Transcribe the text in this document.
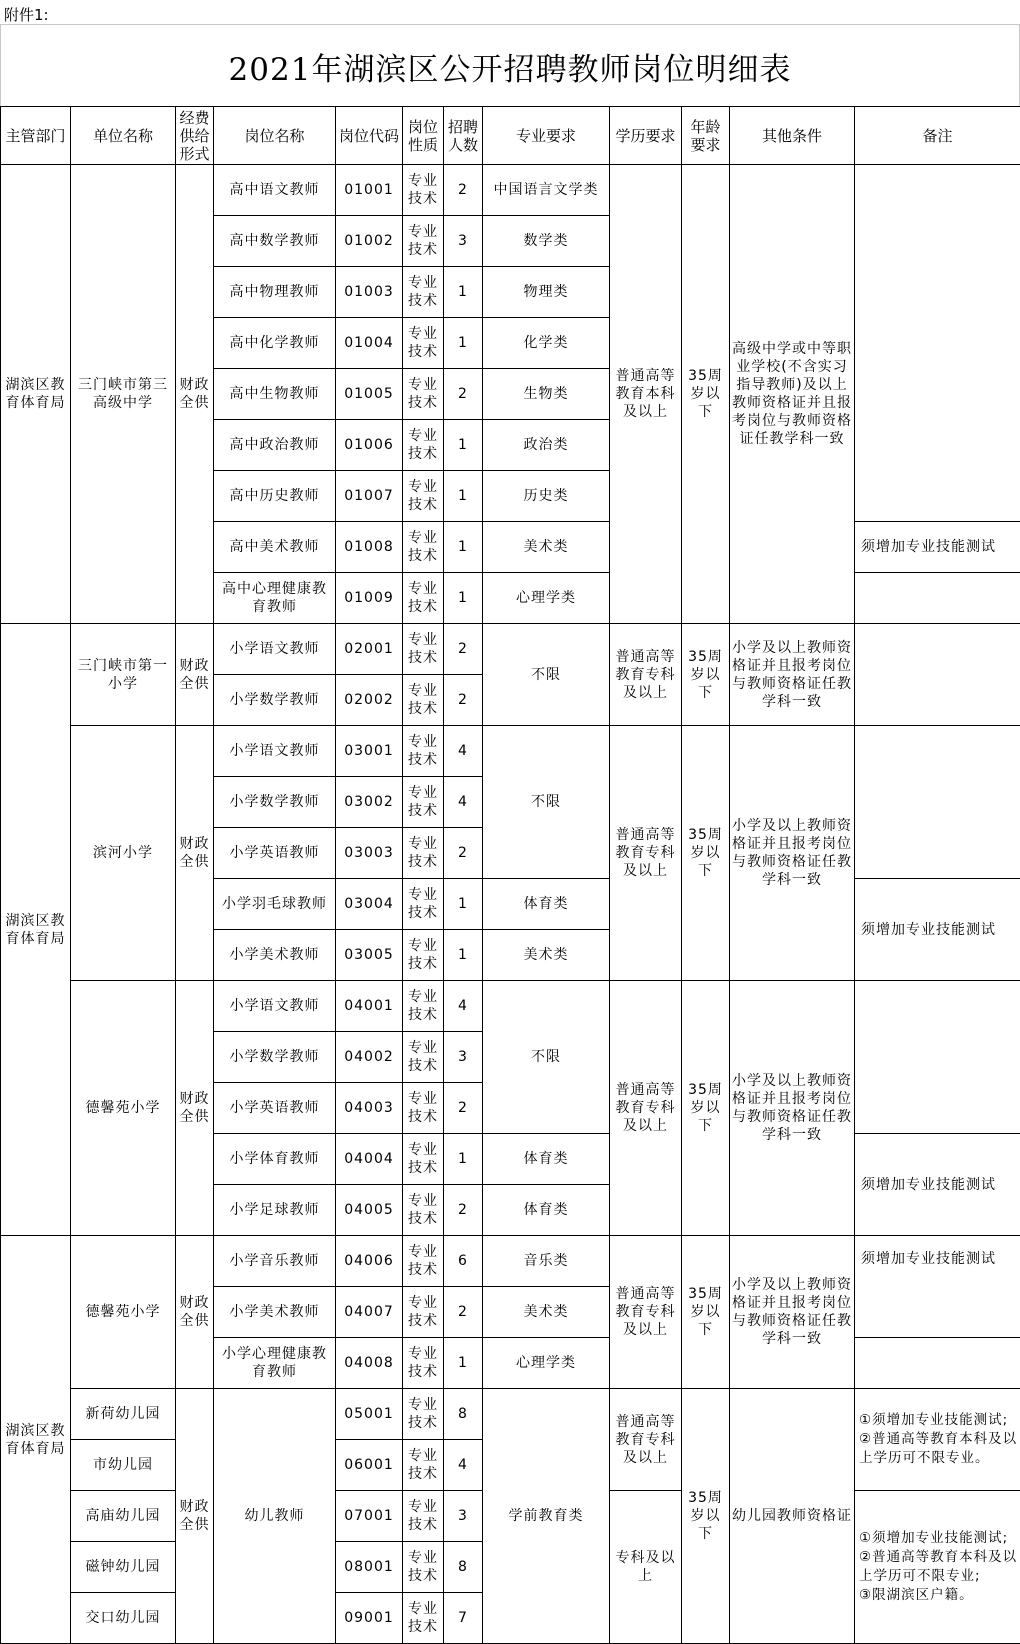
附件1:
2021年湖滨区公开招聘教师岗位明细表
主管部门	单位名称	经费供给形式	岗位名称	岗位代码	岗位性质	招聘人数	专业要求	学历要求	年龄要求	其他条件	备注
湖滨区教育体育局	三门峡市第三高级中学	财政全供	高中语文教师	01001	专业技术	2	中国语言文学类	普通高等教育本科及以上	35周岁以下	高级中学或中等职业学校(不含实习指导教师)及以上教师资格证并且报考岗位与教师资格证任教学科一致	
			高中数学教师	01002	专业技术	3	数学类				
			高中物理教师	01003	专业技术	1	物理类				
			高中化学教师	01004	专业技术	1	化学类				
			高中生物教师	01005	专业技术	2	生物类				
			高中政治教师	01006	专业技术	1	政治类				
			高中历史教师	01007	专业技术	1	历史类				
			高中美术教师	01008	专业技术	1	美术类				须增加专业技能测试
			高中心理健康教育教师	01009	专业技术	1	心理学类				
湖滨区教育体育局	三门峡市第一小学	财政全供	小学语文教师	02001	专业技术	2	不限	普通高等教育专科及以上	35周岁以下	小学及以上教师资格证并且报考岗位与教师资格证任教学科一致	
			小学数学教师	02002	专业技术	2					
	滨河小学	财政全供	小学语文教师	03001	专业技术	4	不限	普通高等教育专科及以上	35周岁以下	小学及以上教师资格证并且报考岗位与教师资格证任教学科一致	
			小学数学教师	03002	专业技术	4					
			小学英语教师	03003	专业技术	2					
			小学羽毛球教师	03004	专业技术	1	体育类				须增加专业技能测试
			小学美术教师	03005	专业技术	1	美术类				
	德馨苑小学	财政全供	小学语文教师	04001	专业技术	4	不限	普通高等教育专科及以上	35周岁以下	小学及以上教师资格证并且报考岗位与教师资格证任教学科一致	
			小学数学教师	04002	专业技术	3					
			小学英语教师	04003	专业技术	2					
			小学体育教师	04004	专业技术	1	体育类				须增加专业技能测试
			小学足球教师	04005	专业技术	2	体育类				
湖滨区教育体育局	德馨苑小学	财政全供	小学音乐教师	04006	专业技术	6	音乐类	普通高等教育专科及以上	35周岁以下	小学及以上教师资格证并且报考岗位与教师资格证任教学科一致	须增加专业技能测试
			小学美术教师	04007	专业技术	2	美术类				
			小学心理健康教育教师	04008	专业技术	1	心理学类				
	新荷幼儿园	财政全供	幼儿教师	05001	专业技术	8	学前教育类	普通高等教育专科及以上	35周岁以下	幼儿园教师资格证	①须增加专业技能测试;
②普通高等教育本科及以上学历可不限专业。
	市幼儿园			06001	专业技术	4					
	高庙幼儿园			07001	专业技术	3		专科及以上			①须增加专业技能测试;
②普通高等教育本科及以上学历可不限专业;
③限湖滨区户籍。
	磁钟幼儿园			08001	专业技术	8					
	交口幼儿园			09001	专业技术	7					
